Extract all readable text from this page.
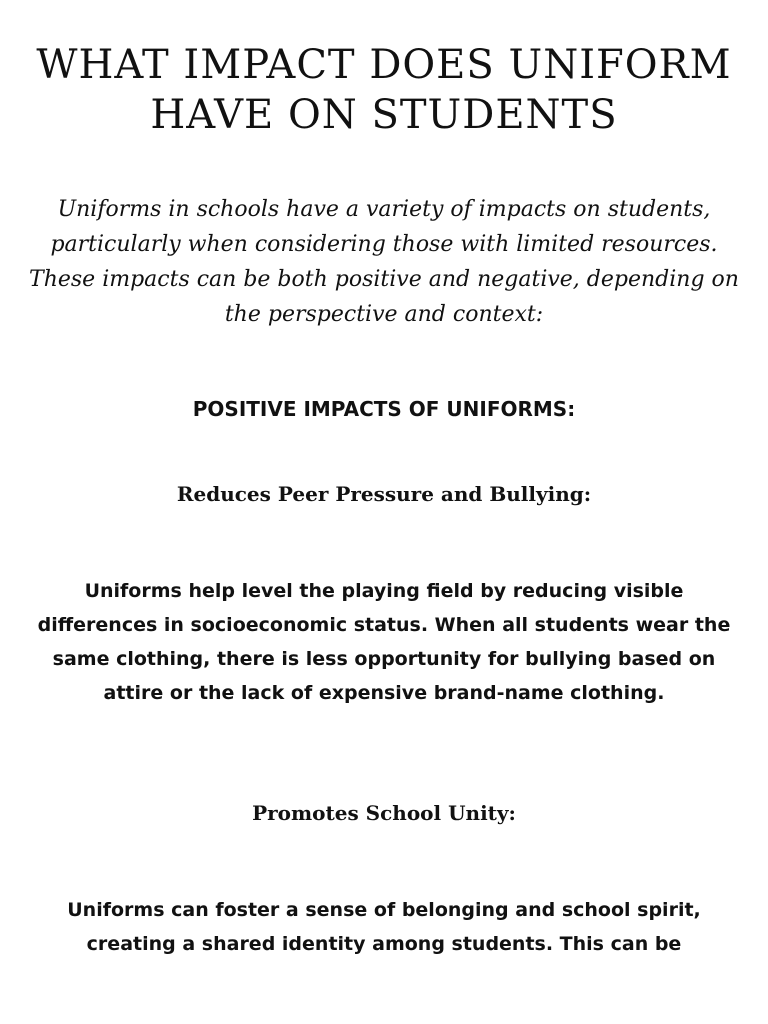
WHAT IMPACT DOES UNIFORM HAVE ON STUDENTS

Uniforms in schools have a variety of impacts on students, particularly when considering those with limited resources. These impacts can be both positive and negative, depending on the perspective and context:

POSITIVE IMPACTS OF UNIFORMS:
Reduces Peer Pressure and Bullying:

Uniforms help level the playing field by reducing visible differences in socioeconomic status. When all students wear the same clothing, there is less opportunity for bullying based on attire or the lack of expensive brand-name clothing.

Promotes School Unity:

Uniforms can foster a sense of belonging and school spirit, creating a shared identity among students. This can be
